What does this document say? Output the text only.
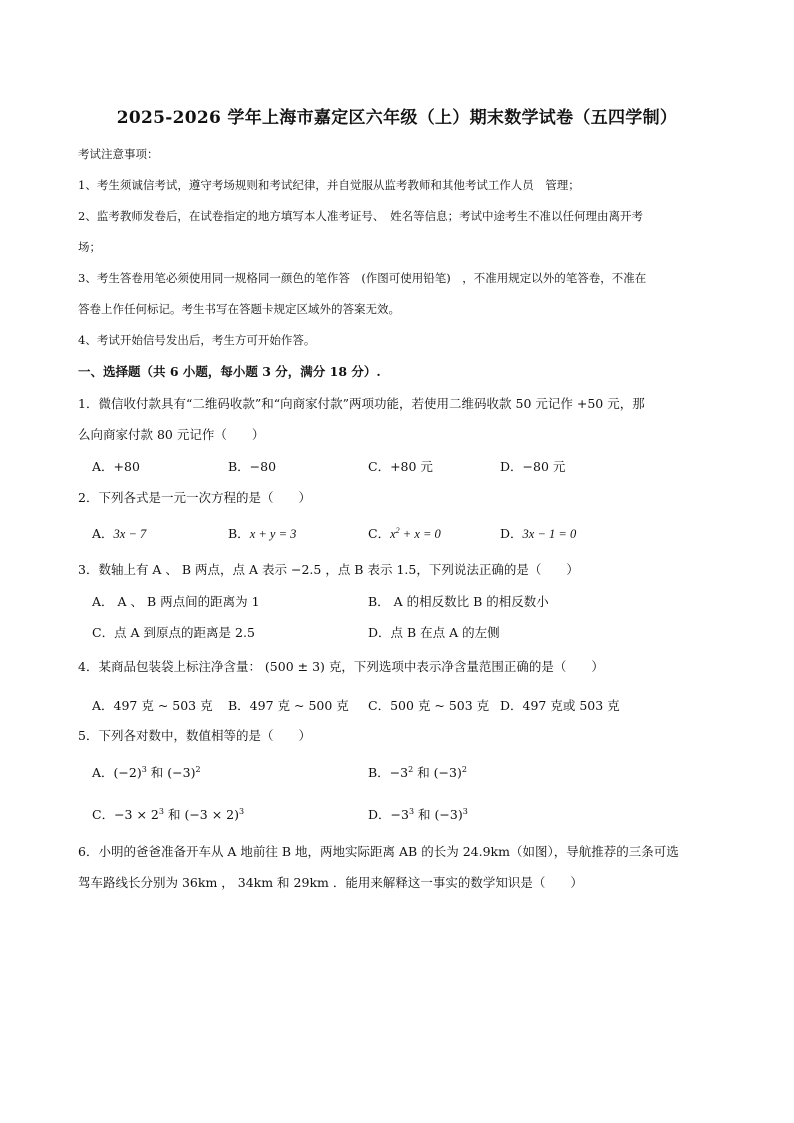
2025-2026 学年上海市嘉定区六年级（上）期末数学试卷（五四学制）
考试注意事项：
1、考生须诚信考试，遵守考场规则和考试纪律，并自觉服从监考教师和其他考试工作人员　管理；
2、监考教师发卷后，在试卷指定的地方填写本人准考证号、　姓名等信息；考试中途考生不准以任何理由离开考
场；
3、考生答卷用笔必须使用同一规格同一颜色的笔作答　(作图可使用铅笔)　，不准用规定以外的笔答卷，不准在
答卷上作任何标记。考生书写在答题卡规定区域外的答案无效。
4、考试开始信号发出后，考生方可开始作答。
一、选择题（共 6 小题，每小题 3 分，满分 18 分）.
1．微信收付款具有“二维码收款”和“向商家付款”两项功能，若使用二维码收款 50 元记作 +50 元，那
么向商家付款 80 元记作（　　）
A．+80	B．−80	C．+80 元	D．−80 元
2．下列各式是一元一次方程的是（　　）
A．3x − 7	B．x + y = 3	C．$x^2 + x = 0$	D．3x − 1 = 0
3．数轴上有 A 、 B 两点，点 A 表示 −2.5 ，点 B 表示 1.5，下列说法正确的是（　　）
A． A 、 B 两点间的距离为 1	B． A 的相反数比 B 的相反数小
C．点 A 到原点的距离是 2.5	D．点 B 在点 A 的左侧
4．某商品包装袋上标注净含量： (500 ± 3) 克，下列选项中表示净含量范围正确的是（　　）
A．497 克 ~ 503 克 B．497 克 ~ 500 克 C．500 克 ~ 503 克 D．497 克或 503 克
5．下列各对数中，数值相等的是（　　）
A．$(-2)^3$ 和 $(-3)^2$	B．$-3^2$ 和 $(-3)^2$
C．$-3 \times 2^3$ 和 $(-3 \times 2)^3$	D．$-3^3$ 和 $(-3)^3$
6．小明的爸爸准备开车从 A 地前往 B 地，两地实际距离 AB 的长为 24.9km（如图），导航推荐的三条可选
驾车路线长分别为 36km ， 34km 和 29km ．能用来解释这一事实的数学知识是（　　）
